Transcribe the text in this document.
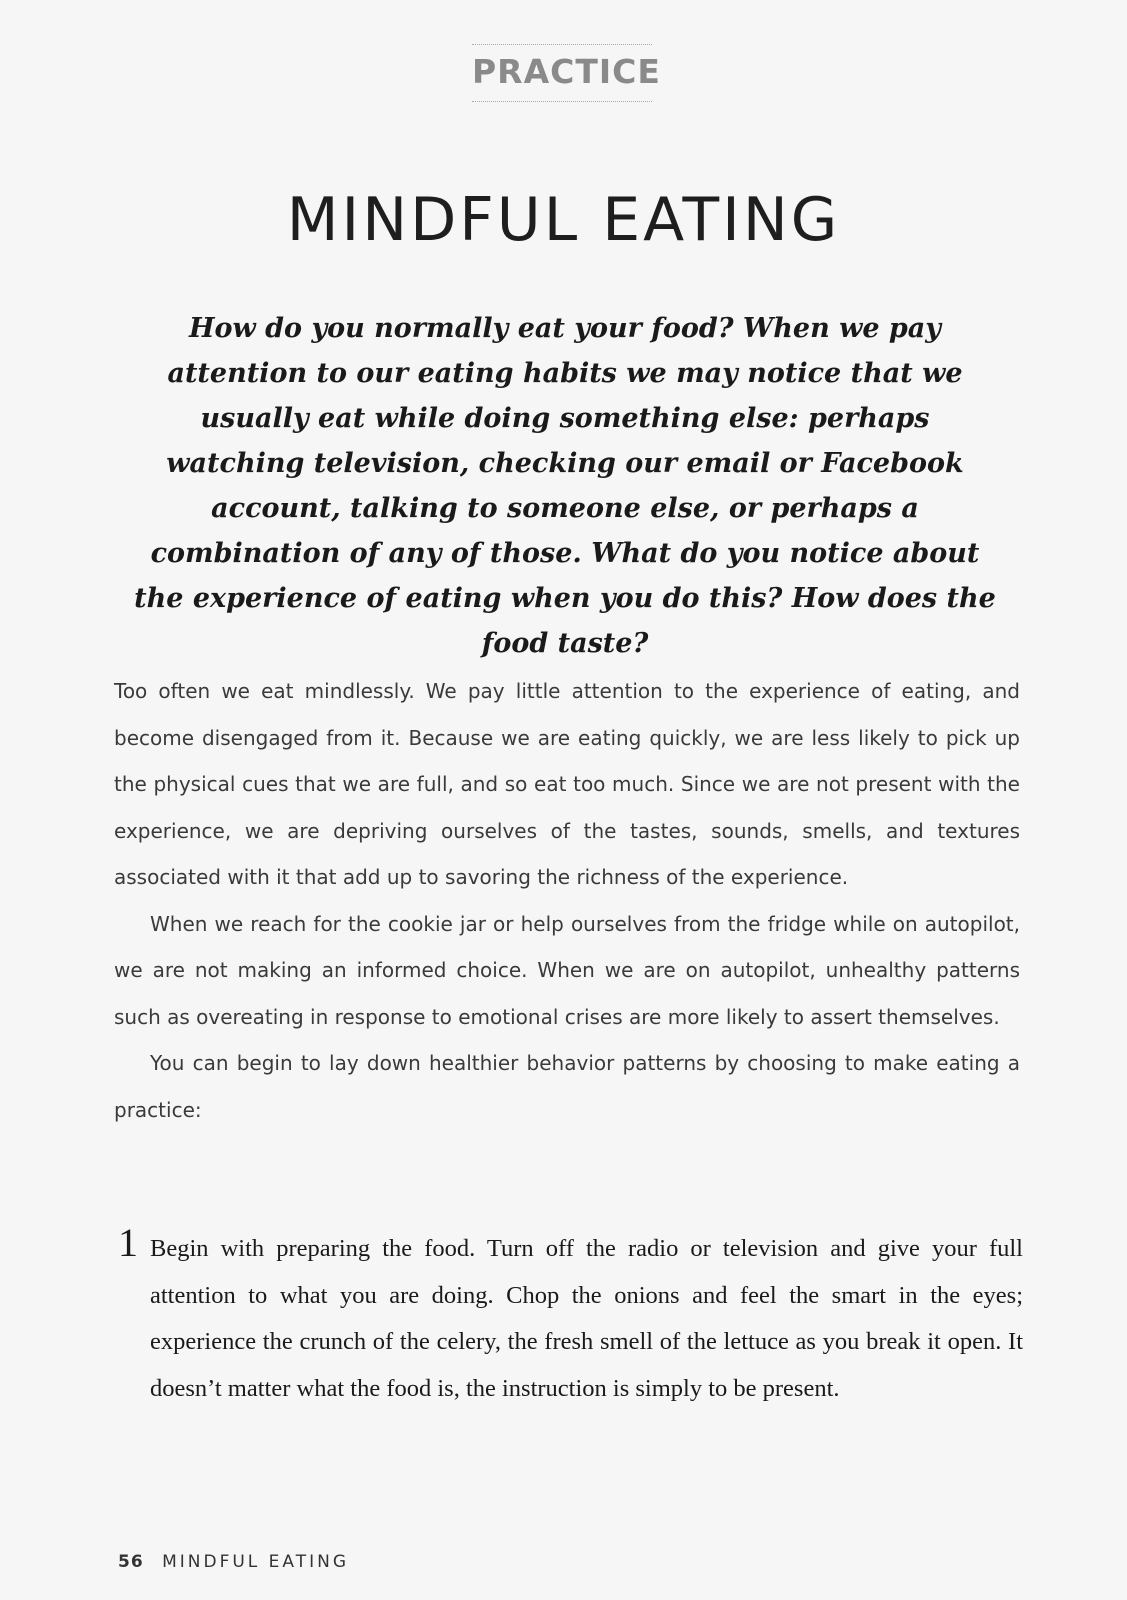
PRACTICE
MINDFUL EATING

How do you normally eat your food? When we pay attention to our eating habits we may notice that we usually eat while doing something else: perhaps watching television, checking our email or Facebook account, talking to someone else, or perhaps a combination of any of those. What do you notice about the experience of eating when you do this? How does the food taste?

Too often we eat mindlessly. We pay little attention to the experience of eating, and become disengaged from it. Because we are eating quickly, we are less likely to pick up the physical cues that we are full, and so eat too much. Since we are not present with the experience, we are depriving ourselves of the tastes, sounds, smells, and textures associated with it that add up to savoring the richness of the experience.

When we reach for the cookie jar or help ourselves from the fridge while on autopilot, we are not making an informed choice. When we are on autopilot, unhealthy patterns such as overeating in response to emotional crises are more likely to assert themselves.

You can begin to lay down healthier behavior patterns by choosing to make eating a practice:

1 Begin with preparing the food. Turn off the radio or television and give your full attention to what you are doing. Chop the onions and feel the smart in the eyes; experience the crunch of the celery, the fresh smell of the lettuce as you break it open. It doesn’t matter what the food is, the instruction is simply to be present.

56 MINDFUL EATING
